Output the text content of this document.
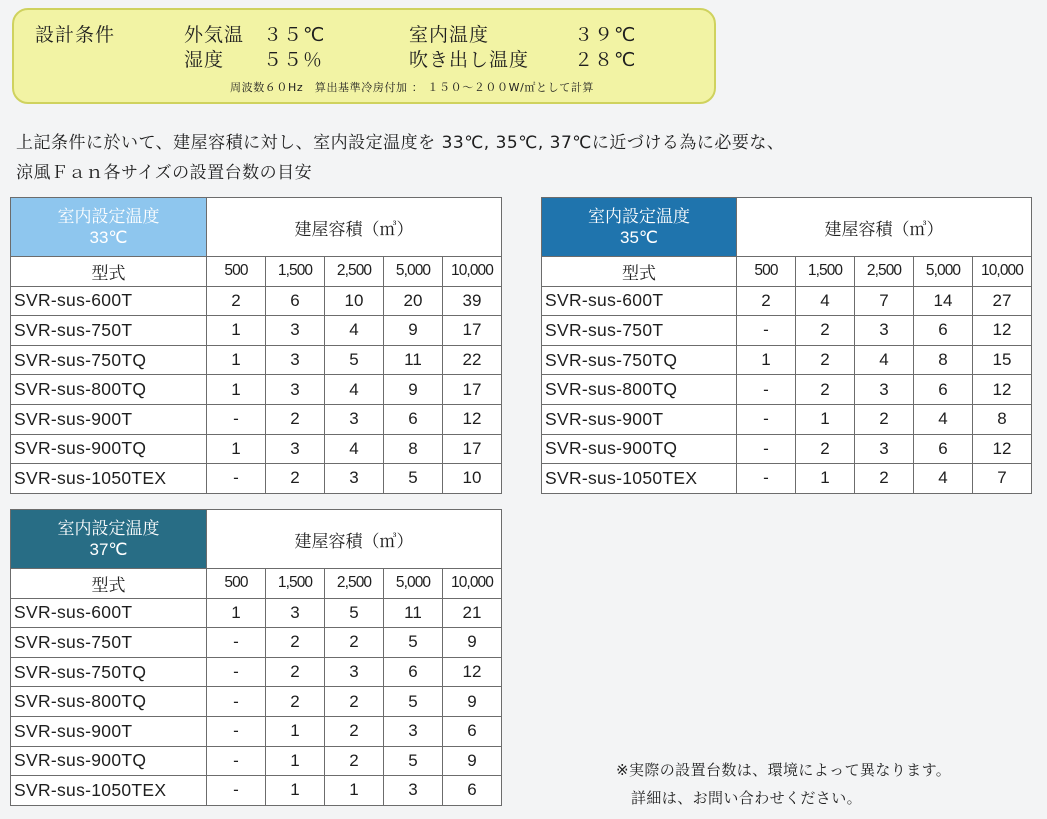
設計条件	外気温 ３５℃	室内温度	３９℃
湿度 ５５％	吹き出し温度 ２８℃
周波数６０Hz　算出基準冷房付加 ： １５０〜２００W/㎡として計算
上記条件に於いて、建屋容積に対し、室内設定温度を 33℃, 35℃, 37℃に近づける為に必要な、
涼風Ｆａｎ各サイズの設置台数の目安
室内設定温度
33℃	建屋容積（㎥）				
型式	500	1,500	2,500	5,000	10,000
SVR-sus-600T	2	6	10	20	39
SVR-sus-750T	1	3	4	9	17
SVR-sus-750TQ	1	3	5	11	22
SVR-sus-800TQ	1	3	4	9	17
SVR-sus-900T	-	2	3	6	12
SVR-sus-900TQ	1	3	4	8	17
SVR-sus-1050TEX	-	2	3	5	10
室内設定温度
35℃	建屋容積（㎥）				
型式	500	1,500	2,500	5,000	10,000
SVR-sus-600T	2	4	7	14	27
SVR-sus-750T	-	2	3	6	12
SVR-sus-750TQ	1	2	4	8	15
SVR-sus-800TQ	-	2	3	6	12
SVR-sus-900T	-	1	2	4	8
SVR-sus-900TQ	-	2	3	6	12
SVR-sus-1050TEX	-	1	2	4	7
室内設定温度
37℃	建屋容積（㎥）				
型式	500	1,500	2,500	5,000	10,000
SVR-sus-600T	1	3	5	11	21
SVR-sus-750T	-	2	2	5	9
SVR-sus-750TQ	-	2	3	6	12
SVR-sus-800TQ	-	2	2	5	9
SVR-sus-900T	-	1	2	3	6
SVR-sus-900TQ	-	1	2	5	9
SVR-sus-1050TEX	-	1	1	3	6
※実際の設置台数は、環境によって異なります。
詳細は、お問い合わせください。
